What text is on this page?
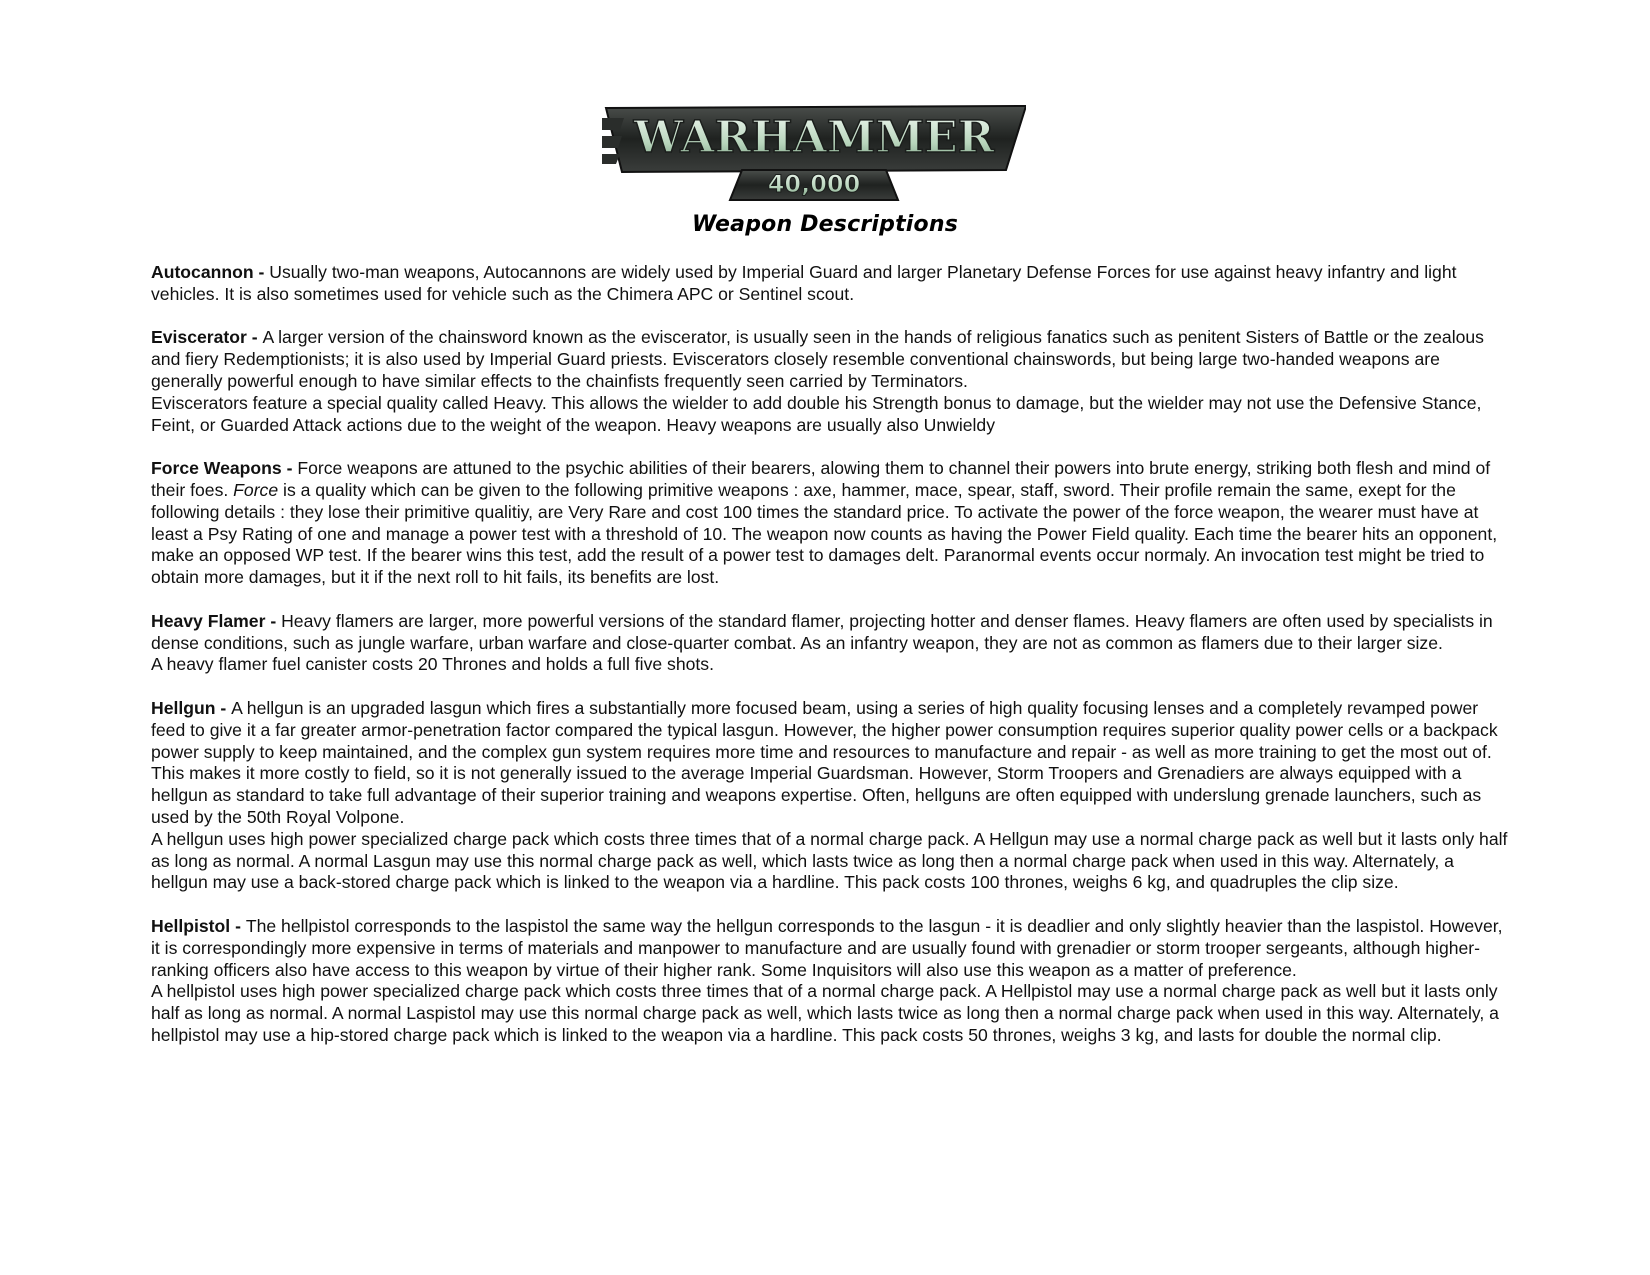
WARHAMMER
40,000
Weapon Descriptions

Autocannon - Usually two-man weapons, Autocannons are widely used by Imperial Guard and larger Planetary Defense Forces for use against heavy infantry and light vehicles. It is also sometimes used for vehicle such as the Chimera APC or Sentinel scout.

Eviscerator - A larger version of the chainsword known as the eviscerator, is usually seen in the hands of religious fanatics such as penitent Sisters of Battle or the zealous and fiery Redemptionists; it is also used by Imperial Guard priests. Eviscerators closely resemble conventional chainswords, but being large two-handed weapons are generally powerful enough to have similar effects to the chainfists frequently seen carried by Terminators.

Eviscerators feature a special quality called Heavy. This allows the wielder to add double his Strength bonus to damage, but the wielder may not use the Defensive Stance, Feint, or Guarded Attack actions due to the weight of the weapon. Heavy weapons are usually also Unwieldy

Force Weapons - Force weapons are attuned to the psychic abilities of their bearers, alowing them to channel their powers into brute energy, striking both flesh and mind of their foes. Force is a quality which can be given to the following primitive weapons : axe, hammer, mace, spear, staff, sword. Their profile remain the same, exept for the following details : they lose their primitive qualitiy, are Very Rare and cost 100 times the standard price. To activate the power of the force weapon, the wearer must have at least a Psy Rating of one and manage a power test with a threshold of 10. The weapon now counts as having the Power Field quality. Each time the bearer hits an opponent, make an opposed WP test. If the bearer wins this test, add the result of a power test to damages delt. Paranormal events occur normaly. An invocation test might be tried to obtain more damages, but it if the next roll to hit fails, its benefits are lost.

Heavy Flamer - Heavy flamers are larger, more powerful versions of the standard flamer, projecting hotter and denser flames. Heavy flamers are often used by specialists in dense conditions, such as jungle warfare, urban warfare and close-quarter combat. As an infantry weapon, they are not as common as flamers due to their larger size.

A heavy flamer fuel canister costs 20 Thrones and holds a full five shots.

Hellgun - A hellgun is an upgraded lasgun which fires a substantially more focused beam, using a series of high quality focusing lenses and a completely revamped power feed to give it a far greater armor-penetration factor compared the typical lasgun. However, the higher power consumption requires superior quality power cells or a backpack power supply to keep maintained, and the complex gun system requires more time and resources to manufacture and repair - as well as more training to get the most out of. This makes it more costly to field, so it is not generally issued to the average Imperial Guardsman. However, Storm Troopers and Grenadiers are always equipped with a hellgun as standard to take full advantage of their superior training and weapons expertise. Often, hellguns are often equipped with underslung grenade launchers, such as used by the 50th Royal Volpone.

A hellgun uses high power specialized charge pack which costs three times that of a normal charge pack. A Hellgun may use a normal charge pack as well but it lasts only half as long as normal. A normal Lasgun may use this normal charge pack as well, which lasts twice as long then a normal charge pack when used in this way. Alternately, a hellgun may use a back-stored charge pack which is linked to the weapon via a hardline. This pack costs 100 thrones, weighs 6 kg, and quadruples the clip size.

Hellpistol - The hellpistol corresponds to the laspistol the same way the hellgun corresponds to the lasgun - it is deadlier and only slightly heavier than the laspistol. However, it is correspondingly more expensive in terms of materials and manpower to manufacture and are usually found with grenadier or storm trooper sergeants, although higher-ranking officers also have access to this weapon by virtue of their higher rank. Some Inquisitors will also use this weapon as a matter of preference.

A hellpistol uses high power specialized charge pack which costs three times that of a normal charge pack. A Hellpistol may use a normal charge pack as well but it lasts only half as long as normal. A normal Laspistol may use this normal charge pack as well, which lasts twice as long then a normal charge pack when used in this way. Alternately, a hellpistol may use a hip-stored charge pack which is linked to the weapon via a hardline. This pack costs 50 thrones, weighs 3 kg, and lasts for double the normal clip.
